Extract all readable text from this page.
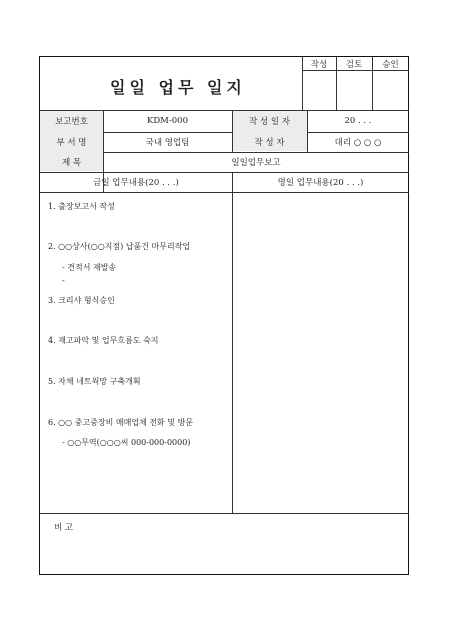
일일 업무 일지
작성	검토	승인
보고번호	KDM-000	작 성 일 자	20 . . .
부 서 명	국내 영업팀	작 성 자	대리 ○ ○ ○
제 목	일일업무보고
금일 업무내용(20 . . .)	명일 업무내용(20 . . .)
1. 출장보고서 작성
2. ○○상사(○○지점) 납품건 마무리작업
- 견적서 재발송
-
3. 크리샤 형식승인
4. 재고파악 및 업무흐름도 숙지
5. 자체 네트웍망 구축개획
6. ○○ 중고중장비 매매업체 전화 및 방문
- ○○무역(○○○씨 000-000-0000)
비 고
